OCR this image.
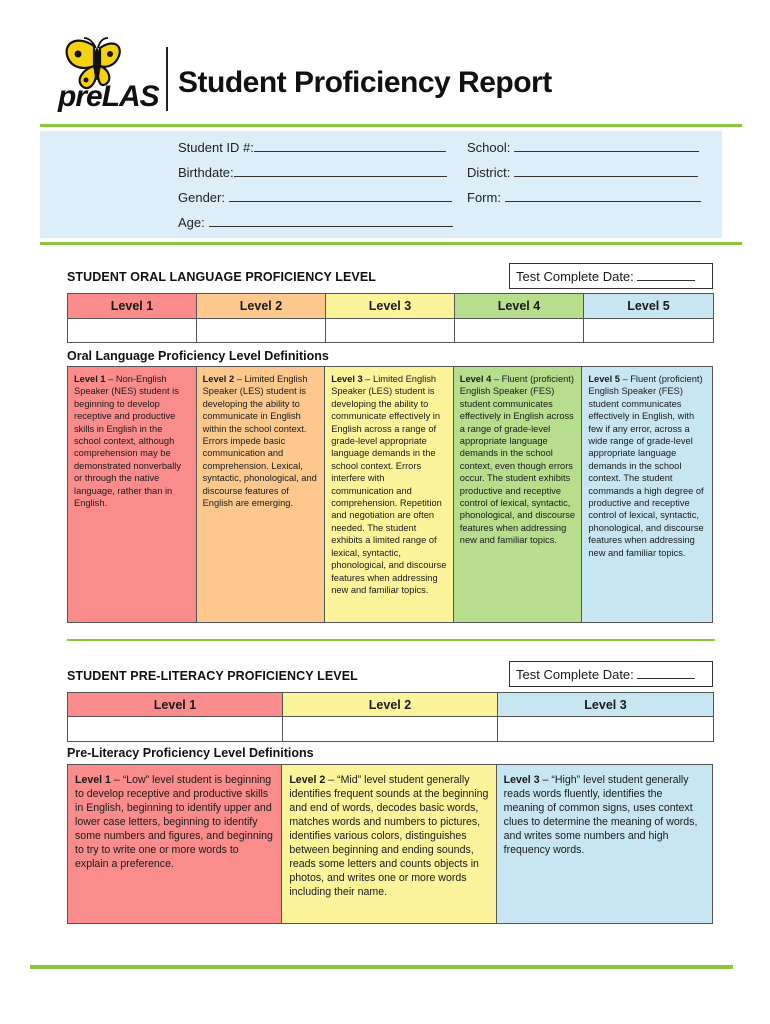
preLAS Student Proficiency Report
Student ID #:
Birthdate:
Gender:
Age:
School:
District:
Form:
STUDENT ORAL LANGUAGE PROFICIENCY LEVEL	Test Complete Date:
Level 1	Level 2	Level 3	Level 4	Level 5

Oral Language Proficiency Level Definitions
Level 1 – Non-English Speaker (NES) student is beginning to develop receptive and productive skills in English in the school context, although comprehension may be demonstrated nonverbally or through the native language, rather than in English.
Level 2 – Limited English Speaker (LES) student is developing the ability to communicate in English within the school context. Errors impede basic communication and comprehension. Lexical, syntactic, phonological, and discourse features of English are emerging.
Level 3 – Limited English Speaker (LES) student is developing the ability to communicate effectively in English across a range of grade-level appropriate language demands in the school context. Errors interfere with communication and comprehension. Repetition and negotiation are often needed. The student exhibits a limited range of lexical, syntactic, phonological, and discourse features when addressing new and familiar topics.
Level 4 – Fluent (proficient) English Speaker (FES) student communicates effectively in English across a range of grade-level appropriate language demands in the school context, even though errors occur. The student exhibits productive and receptive control of lexical, syntactic, phonological, and discourse features when addressing new and familiar topics.
Level 5 – Fluent (proficient) English Speaker (FES) student communicates effectively in English, with few if any error, across a wide range of grade-level appropriate language demands in the school context. The student commands a high degree of productive and receptive control of lexical, syntactic, phonological, and discourse features when addressing new and familiar topics.
STUDENT PRE-LITERACY PROFICIENCY LEVEL	Test Complete Date:
Level 1	Level 2	Level 3

Pre-Literacy Proficiency Level Definitions
Level 1 – “Low” level student is beginning to develop receptive and productive skills in English, beginning to identify upper and lower case letters, beginning to identify some numbers and figures, and beginning to try to write one or more words to explain a preference.
Level 2 – “Mid” level student generally identifies frequent sounds at the beginning and end of words, decodes basic words, matches words and numbers to pictures, identifies various colors, distinguishes between beginning and ending sounds, reads some letters and counts objects in photos, and writes one or more words including their name.
Level 3 – “High” level student generally reads words fluently, identifies the meaning of common signs, uses context clues to determine the meaning of words, and writes some numbers and high frequency words.
